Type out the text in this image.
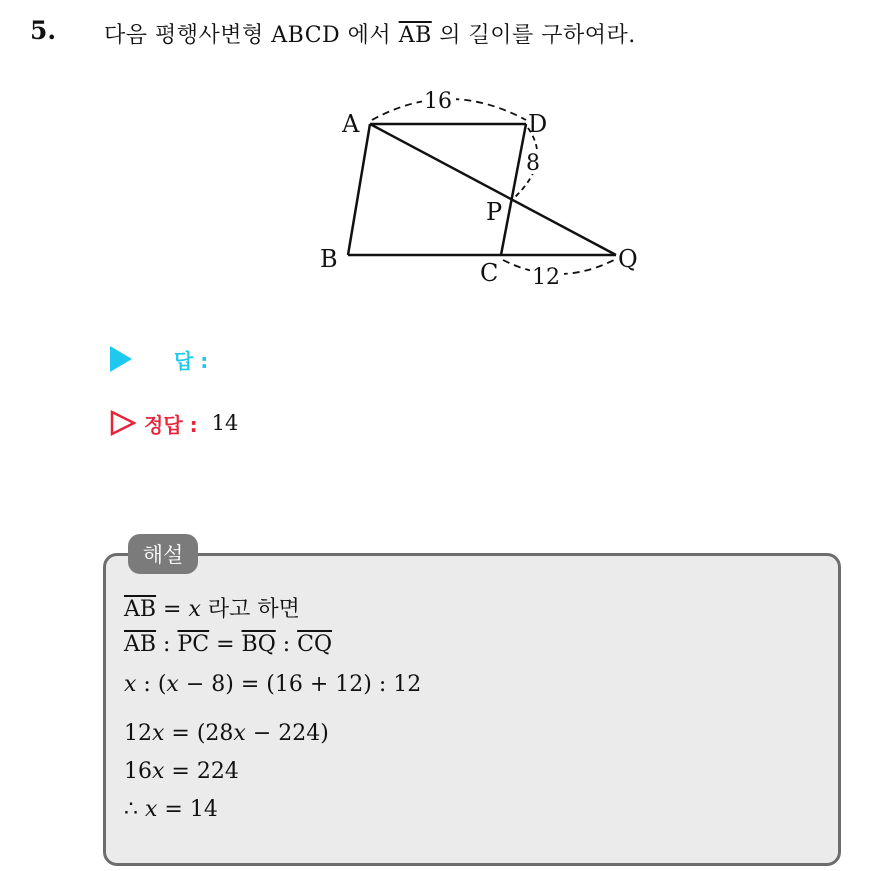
5. 다음 평행사변형 ABCD 에서 $\overline{AB}$ 의 길이를 구하여라.
A	D
B	C
P
Q
16
8
12
답 :
정답 : 14
해설
$\overline{AB} = x$ 라고 하면
$\overline{AB}$ : $\overline{PC} = \overline{BQ}$ : $\overline{CQ}$
x : (x − 8) = (16 + 12) : 12
12x = (28x − 224)
16x = 224
∴ x = 14
